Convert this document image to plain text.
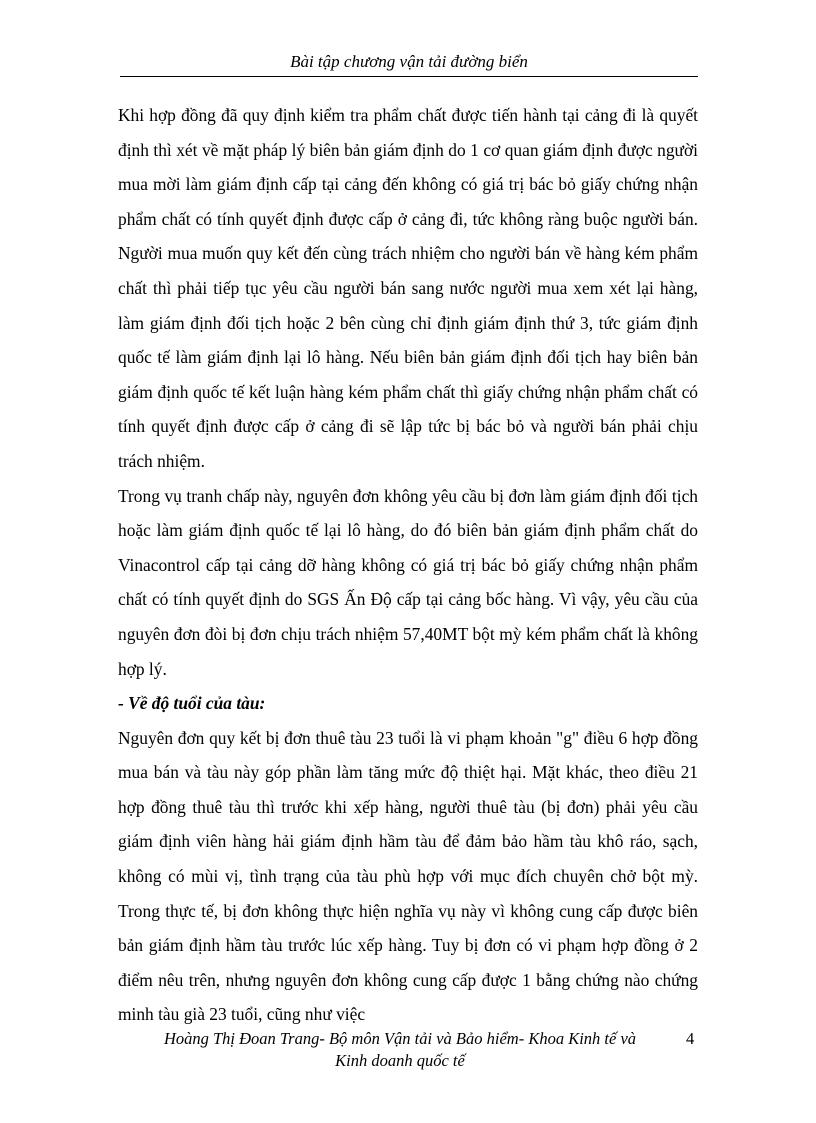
Bài tập chương vận tải đường biển

Khi hợp đồng đã quy định kiểm tra phẩm chất được tiến hành tại cảng đi là quyết định thì xét về mặt pháp lý biên bản giám định do 1 cơ quan giám định được người mua mời làm giám định cấp tại cảng đến không có giá trị bác bỏ giấy chứng nhận phẩm chất có tính quyết định được cấp ở cảng đi, tức không ràng buộc người bán. Người mua muốn quy kết đến cùng trách nhiệm cho người bán về hàng kém phẩm chất thì phải tiếp tục yêu cầu người bán sang nước người mua xem xét lại hàng, làm giám định đối tịch hoặc 2 bên cùng chỉ định giám định thứ 3, tức giám định quốc tế làm giám định lại lô hàng. Nếu biên bản giám định đối tịch hay biên bản giám định quốc tế kết luận hàng kém phẩm chất thì giấy chứng nhận phẩm chất có tính quyết định được cấp ở cảng đi sẽ lập tức bị bác bỏ và người bán phải chịu trách nhiệm.

Trong vụ tranh chấp này, nguyên đơn không yêu cầu bị đơn làm giám định đối tịch hoặc làm giám định quốc tế lại lô hàng, do đó biên bản giám định phẩm chất do Vinacontrol cấp tại cảng dỡ hàng không có giá trị bác bỏ giấy chứng nhận phẩm chất có tính quyết định do SGS Ấn Độ cấp tại cảng bốc hàng. Vì vậy, yêu cầu của nguyên đơn đòi bị đơn chịu trách nhiệm 57,40MT bột mỳ kém phẩm chất là không hợp lý.

- Về độ tuổi của tàu:

Nguyên đơn quy kết bị đơn thuê tàu 23 tuổi là vi phạm khoản "g" điều 6 hợp đồng mua bán và tàu này góp phần làm tăng mức độ thiệt hại. Mặt khác, theo điều 21 hợp đồng thuê tàu thì trước khi xếp hàng, người thuê tàu (bị đơn) phải yêu cầu giám định viên hàng hải giám định hầm tàu để đảm bảo hầm tàu khô ráo, sạch, không có mùi vị, tình trạng của tàu phù hợp với mục đích chuyên chở bột mỳ. Trong thực tế, bị đơn không thực hiện nghĩa vụ này vì không cung cấp được biên bản giám định hầm tàu trước lúc xếp hàng. Tuy bị đơn có vi phạm hợp đồng ở 2 điểm nêu trên, nhưng nguyên đơn không cung cấp được 1 bằng chứng nào chứng minh tàu già 23 tuổi, cũng như việc

Hoàng Thị Đoan Trang- Bộ môn Vận tải và Bảo hiểm- Khoa Kinh tế và
Kinh doanh quốc tế
4
